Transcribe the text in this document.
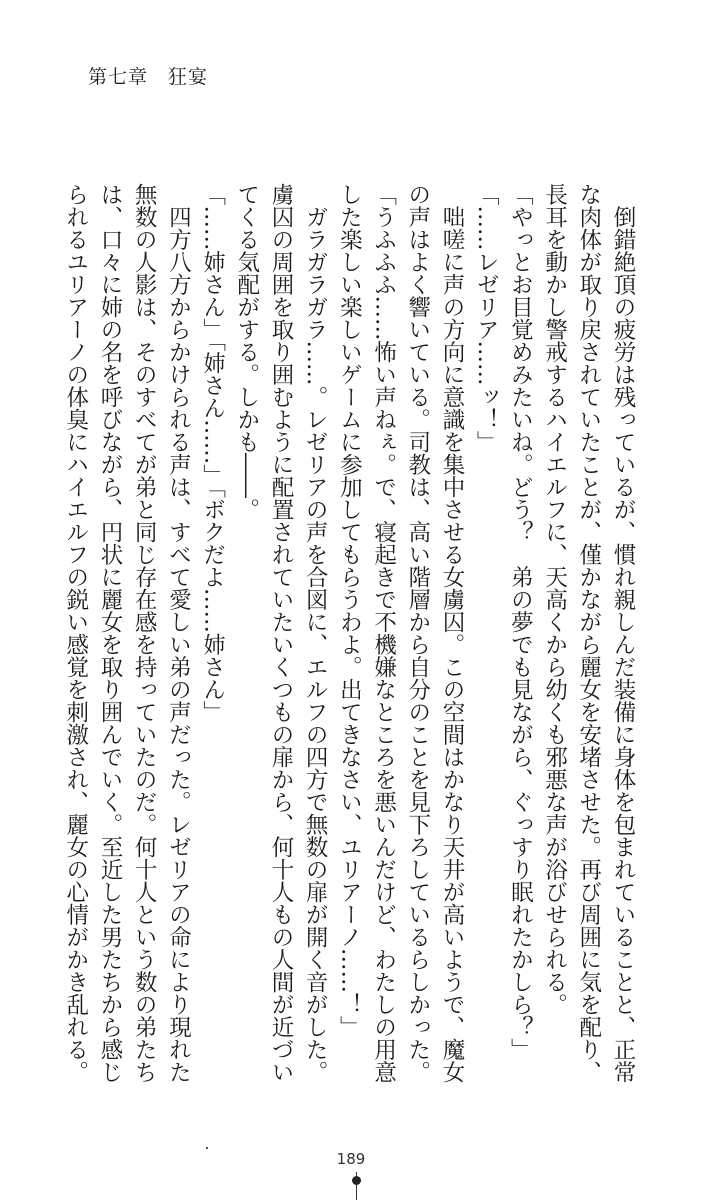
第七章　 狂宴
　倒錯絶頂の疲労は残っているが、慣れ親しんだ装備に身体を包まれていることと、正常
な肉体が取り戻されていたことが、僅かながら麗女を安堵させた。再び周囲に気を配り、
長耳を動かし警戒するハイエルフに、天高くから幼くも邪悪な声が浴びせられる。
「やっとお目覚めみたいね。どう？　弟の夢でも見ながら、ぐっすり眠れたかしら？」
「……レゼリア……ッ！」
　咄嗟に声の方向に意識を集中させる女虜囚。この空間はかなり天井が高いようで、魔女
の声はよく響いている。司教は、高い階層から自分のことを見下ろしているらしかった。
「うふふふ……怖い声ねぇ。で、寝起きで不機嫌なところを悪いんだけど、わたしの用意
した楽しい楽しいゲームに参加してもらうわよ。出てきなさい、ユリアーノ……！」
　ガラガラガラ……。レゼリアの声を合図に、エルフの四方で無数の扉が開く音がした。
虜囚の周囲を取り囲むように配置されていたいくつもの扉から、何十人もの人間が近づい
てくる気配がする。しかも――。
「……姉さん」「姉さん……」「ボクだよ……姉さん」
　四方八方からかけられる声は、すべて愛しい弟の声だった。レゼリアの命により現れた
無数の人影は、そのすべてが弟と同じ存在感を持っていたのだ。何十人という数の弟たち
は、口々に姉の名を呼びながら、円状に麗女を取り囲んでいく。至近した男たちから感じ
られるユリアーノの体臭にハイエルフの鋭い感覚を刺激され、麗女の心情がかき乱れる。
189
